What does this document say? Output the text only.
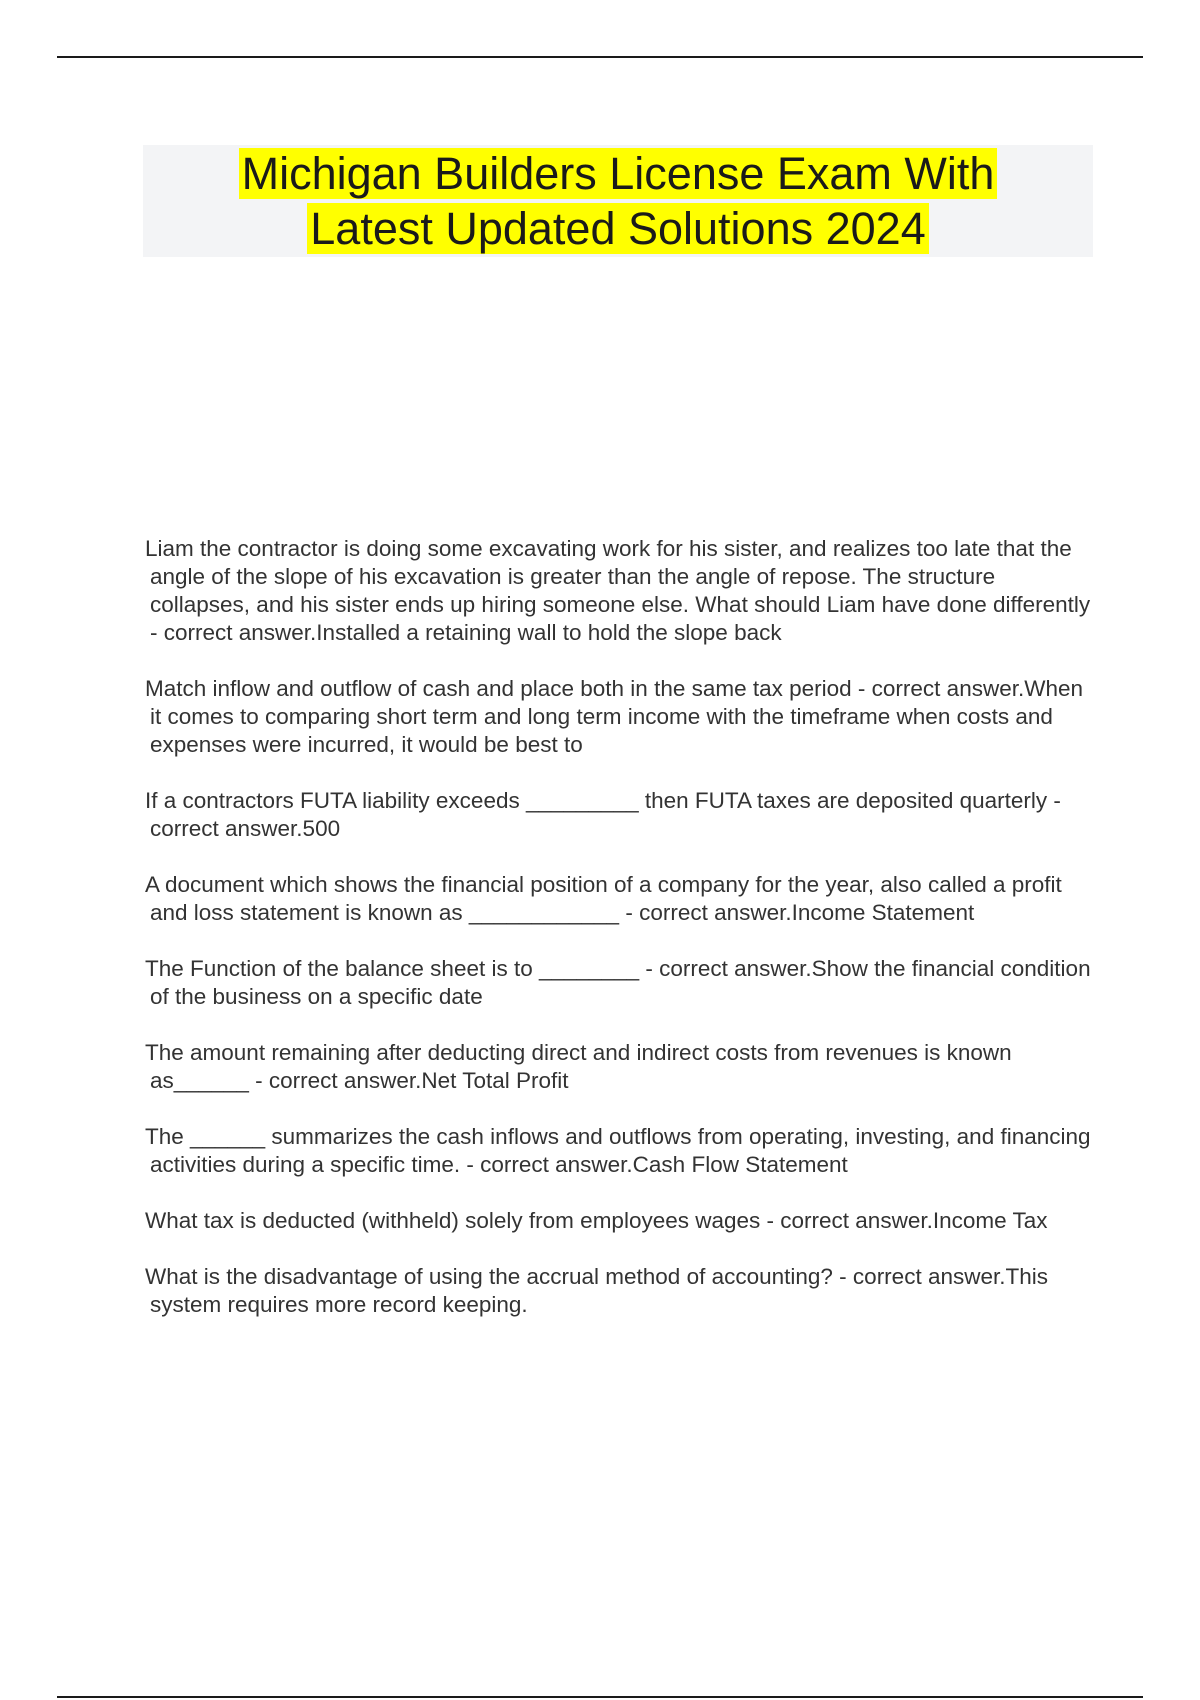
Michigan Builders License Exam With
Latest Updated Solutions 2024

Liam the contractor is doing some excavating work for his sister, and realizes too late that the angle of the slope of his excavation is greater than the angle of repose. The structure collapses, and his sister ends up hiring someone else. What should Liam have done differently - correct answer.Installed a retaining wall to hold the slope back

Match inflow and outflow of cash and place both in the same tax period - correct answer.When it comes to comparing short term and long term income with the timeframe when costs and expenses were incurred, it would be best to

If a contractors FUTA liability exceeds _________ then FUTA taxes are deposited quarterly - correct answer.500

A document which shows the financial position of a company for the year, also called a profit and loss statement is known as ____________ - correct answer.Income Statement

The Function of the balance sheet is to ________ - correct answer.Show the financial condition of the business on a specific date

The amount remaining after deducting direct and indirect costs from revenues is known as______ - correct answer.Net Total Profit

The ______ summarizes the cash inflows and outflows from operating, investing, and financing activities during a specific time. - correct answer.Cash Flow Statement

What tax is deducted (withheld) solely from employees wages - correct answer.Income Tax

What is the disadvantage of using the accrual method of accounting? - correct answer.This system requires more record keeping.
